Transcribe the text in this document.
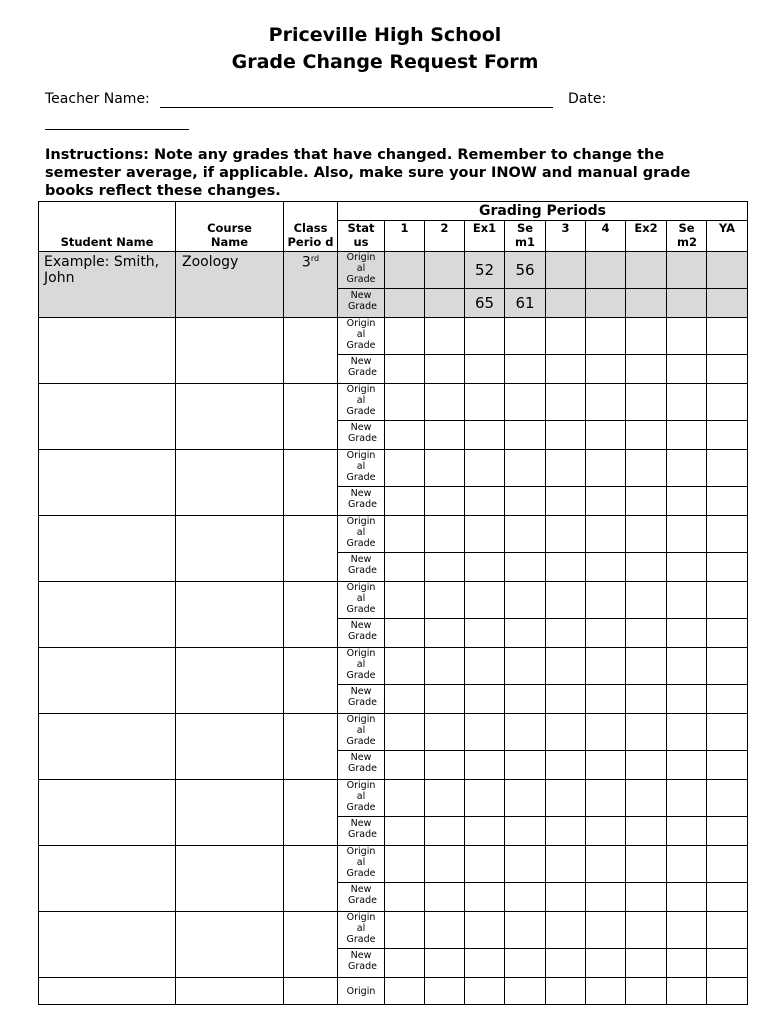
Priceville High School
Grade Change Request Form
Teacher Name:	Date:
Instructions: Note any grades that have changed. Remember to change the semester average, if applicable. Also, make sure your INOW and manual grade books reflect these changes.
Student Name	Course Name	Class Perio d	Grading Periods									
			Stat us	1	2	Ex1	Se m1	3	4	Ex2	Se m2	YA
Example: Smith, John	Zoology	3rd	Origin al Grade			52	56					
			New Grade			65	61					
			Origin al Grade									
			New Grade									
			Origin al Grade									
			New Grade									
			Origin al Grade									
			New Grade									
			Origin al Grade									
			New Grade									
			Origin al Grade									
			New Grade									
			Origin al Grade									
			New Grade									
			Origin al Grade									
			New Grade									
			Origin al Grade									
			New Grade									
			Origin al Grade									
			New Grade									
			Origin al Grade									
			New Grade									
			Origin									
